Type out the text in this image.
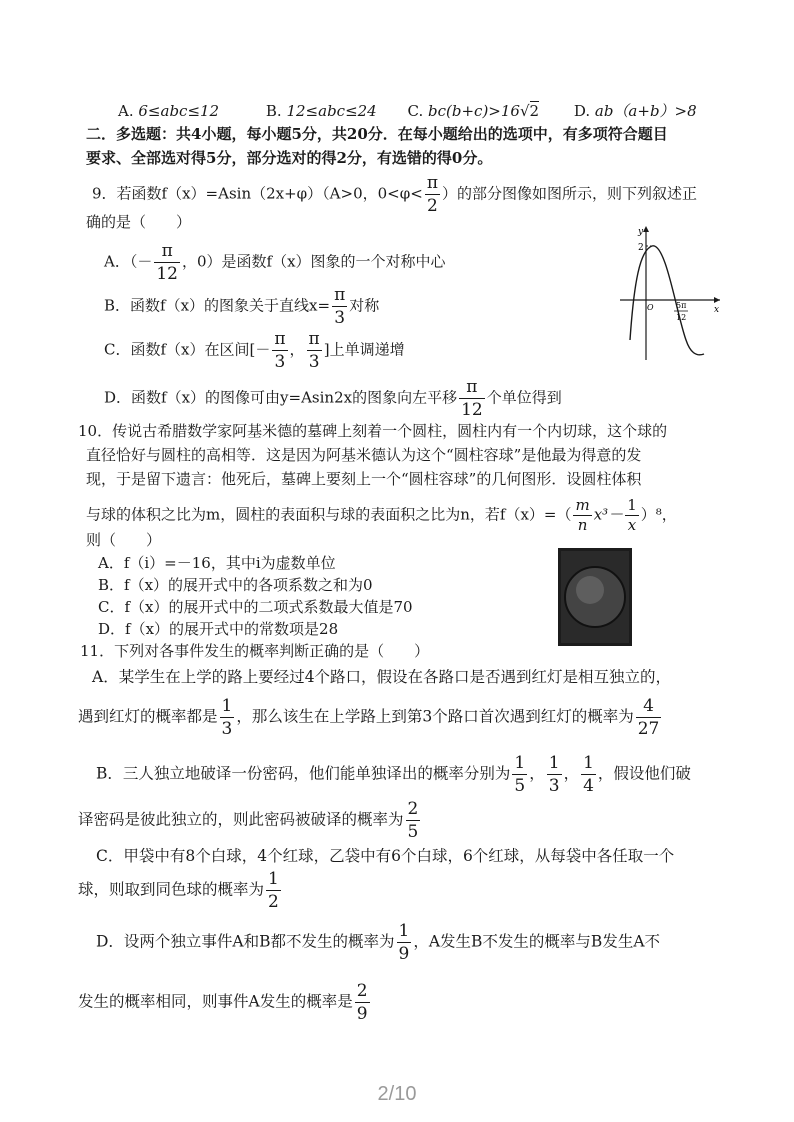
A. 6≤abc≤12	B. 12≤abc≤24 C. bc(b+c)>16√2 D. ab（a+b）>8
二．多选题：共4小题，每小题5分，共20分．在每小题给出的选项中，有多项符合题目
要求、全部选对得5分，部分选对的得2分，有选错的得0分。
9．若函数f（x）=Asin（2x+φ）（A>0，$0<\varphi< \frac{\pi}{2}$ ）的部分图像如图所示，则下列叙述正
确的是（　　）
A．（－ $\frac{\pi}{12}$ ，0）是函数f（x）图象的一个对称中心
B．函数f（x）的图象关于直线$x= \frac{\pi}{3}$ 对称
C．函数f（x）在区间[－ $\frac{\pi}{3}$ ， $\frac{\pi}{3}$ ]上单调递增
D．函数f（x）的图像可由y=Asin2x的图象向左平移 $\frac{\pi}{12}$ 个单位得到
y
x
2
O	5π
12
10．传说古希腊数学家阿基米德的墓碑上刻着一个圆柱，圆柱内有一个内切球，这个球的
直径恰好与圆柱的高相等．这是因为阿基米德认为这个“圆柱容球”是他最为得意的发
现，于是留下遗言：他死后，墓碑上要刻上一个“圆柱容球”的几何图形．设圆柱体积
与球的体积之比为m，圆柱的表面积与球的表面积之比为n，若$f(x)=( \frac{m}{n} x^3- \frac{1}{x} )^8$，
则（　　）
A．f（i）=－16，其中i为虚数单位
B．f（x）的展开式中的各项系数之和为0
C．f（x）的展开式中的二项式系数最大值是70
D．f（x）的展开式中的常数项是28
11．下列对各事件发生的概率判断正确的是（　　）
A．某学生在上学的路上要经过4个路口，假设在各路口是否遇到红灯是相互独立的，
遇到红灯的概率都是 $\frac{1}{3}$ ，那么该生在上学路上到第3个路口首次遇到红灯的概率为 $\frac{4}{27}$
B．三人独立地破译一份密码，他们能单独译出的概率分别为 $\frac{1}{5}$ ， $\frac{1}{3}$ ， $\frac{1}{4}$ ，假设他们破
译密码是彼此独立的，则此密码被破译的概率为 $\frac{2}{5}$
C．甲袋中有8个白球，4个红球，乙袋中有6个白球，6个红球，从每袋中各任取一个
球，则取到同色球的概率为 $\frac{1}{2}$
D．设两个独立事件A和B都不发生的概率为 $\frac{1}{9}$ ，A发生B不发生的概率与B发生A不
发生的概率相同，则事件A发生的概率是 $\frac{2}{9}$
2/10
